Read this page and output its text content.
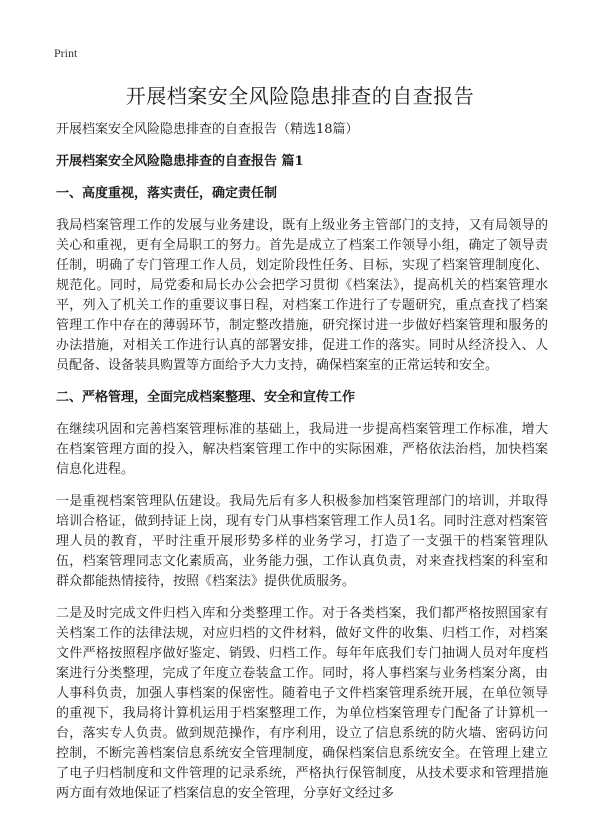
Print
开展档案安全风险隐患排查的自查报告

开展档案安全风险隐患排查的自查报告（精选18篇）

开展档案安全风险隐患排查的自查报告 篇1

一、高度重视，落实责任，确定责任制

我局档案管理工作的发展与业务建设，既有上级业务主管部门的支持，又有局领导的关心和重视，更有全局职工的努力。首先是成立了档案工作领导小组，确定了领导责任制，明确了专门管理工作人员，划定阶段性任务、目标，实现了档案管理制度化、规范化。同时，局党委和局长办公会把学习贯彻《档案法》，提高机关的档案管理水平，列入了机关工作的重要议事日程，对档案工作进行了专题研究，重点查找了档案管理工作中存在的薄弱环节，制定整改措施，研究探讨进一步做好档案管理和服务的办法措施，对相关工作进行认真的部署安排，促进工作的落实。同时从经济投入、人员配备、设备装具购置等方面给予大力支持，确保档案室的正常运转和安全。

二、严格管理，全面完成档案整理、安全和宣传工作

在继续巩固和完善档案管理标准的基础上，我局进一步提高档案管理工作标准，增大在档案管理方面的投入，解决档案管理工作中的实际困难，严格依法治档，加快档案信息化进程。

一是重视档案管理队伍建设。我局先后有多人积极参加档案管理部门的培训，并取得培训合格证，做到持证上岗，现有专门从事档案管理工作人员1名。同时注意对档案管理人员的教育，平时注重开展形势多样的业务学习，打造了一支强干的档案管理队伍，档案管理同志文化素质高，业务能力强，工作认真负责，对来查找档案的科室和群众都能热情接待，按照《档案法》提供优质服务。

二是及时完成文件归档入库和分类整理工作。对于各类档案，我们都严格按照国家有关档案工作的法律法规，对应归档的文件材料，做好文件的收集、归档工作，对档案文件严格按照程序做好鉴定、销毁、归档工作。每年年底我们专门抽调人员对年度档案进行分类整理，完成了年度立卷装盒工作。同时，将人事档案与业务档案分离，由人事科负责，加强人事档案的保密性。随着电子文件档案管理系统开展，在单位领导的重视下，我局将计算机运用于档案整理工作，为单位档案管理专门配备了计算机一台，落实专人负责。做到规范操作，有序利用，设立了信息系统的防火墙、密码访问控制，不断完善档案信息系统安全管理制度，确保档案信息系统安全。在管理上建立了电子归档制度和文件管理的记录系统，严格执行保管制度，从技术要求和管理措施两方面有效地保证了档案信息的安全管理，分享好文经过多
